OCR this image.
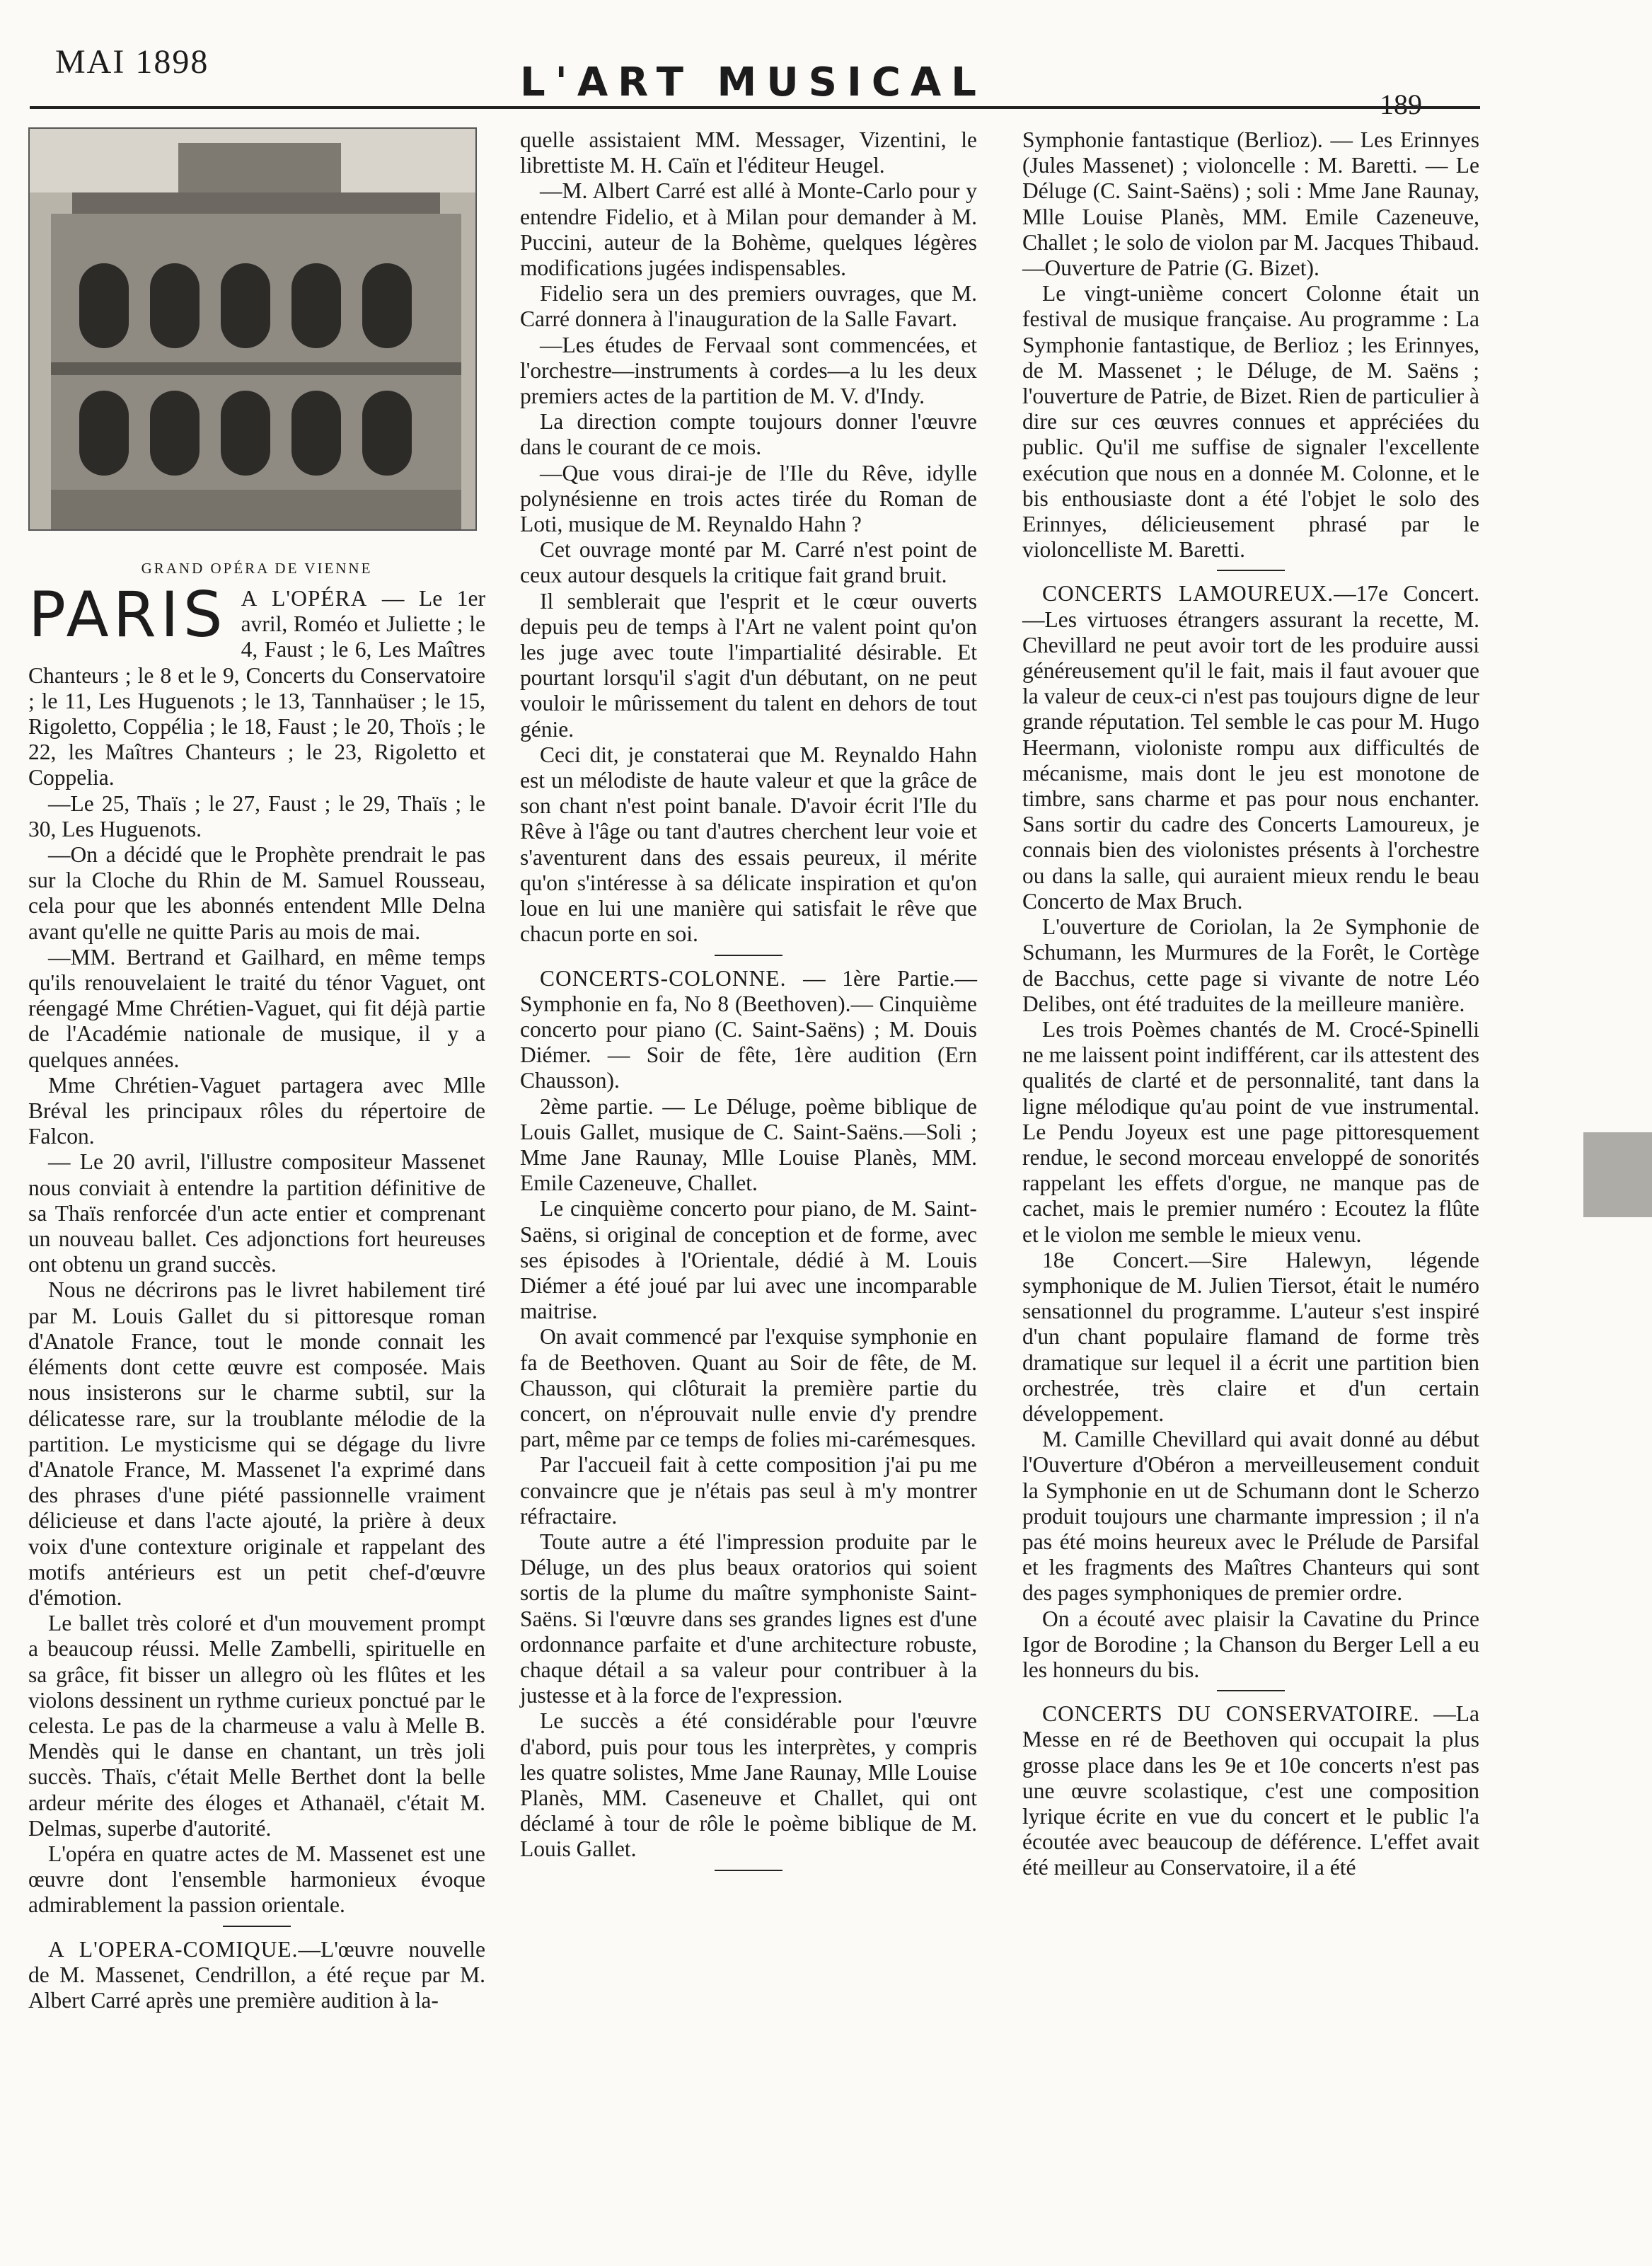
MAI 1898	L'ART MUSICAL	189
GRAND OPÉRA DE VIENNE
PARIS A L'OPÉRA — Le 1er avril, Roméo et Juliette ; le 4, Faust ; le 6, Les Maîtres Chanteurs ; le 8 et le 9, Concerts du Conservatoire ; le 11, Les Huguenots ; le 13, Tannhaüser ; le 15, Rigoletto, Coppélia ; le 18, Faust ; le 20, Thoïs ; le 22, les Maîtres Chanteurs ; le 23, Rigoletto et Coppelia.

—Le 25, Thaïs ; le 27, Faust ; le 29, Thaïs ; le 30, Les Huguenots.

—On a décidé que le Prophète prendrait le pas sur la Cloche du Rhin de M. Samuel Rousseau, cela pour que les abonnés entendent Mlle Delna avant qu'elle ne quitte Paris au mois de mai.

—MM. Bertrand et Gailhard, en même temps qu'ils renouvelaient le traité du ténor Vaguet, ont réengagé Mme Chrétien-Vaguet, qui fit déjà partie de l'Académie nationale de musique, il y a quelques années.

Mme Chrétien-Vaguet partagera avec Mlle Bréval les principaux rôles du répertoire de Falcon.

— Le 20 avril, l'illustre compositeur Massenet nous conviait à entendre la partition définitive de sa Thaïs renforcée d'un acte entier et comprenant un nouveau ballet. Ces adjonctions fort heureuses ont obtenu un grand succès.

Nous ne décrirons pas le livret habilement tiré par M. Louis Gallet du si pittoresque roman d'Anatole France, tout le monde connait les éléments dont cette œuvre est composée. Mais nous insisterons sur le charme subtil, sur la délicatesse rare, sur la troublante mélodie de la partition. Le mysticisme qui se dégage du livre d'Anatole France, M. Massenet l'a exprimé dans des phrases d'une piété passionnelle vraiment délicieuse et dans l'acte ajouté, la prière à deux voix d'une contexture originale et rappelant des motifs antérieurs est un petit chef-d'œuvre d'émotion.

Le ballet très coloré et d'un mouvement prompt a beaucoup réussi. Melle Zambelli, spirituelle en sa grâce, fit bisser un allegro où les flûtes et les violons dessinent un rythme curieux ponctué par le celesta. Le pas de la charmeuse a valu à Melle B. Mendès qui le danse en chantant, un très joli succès. Thaïs, c'était Melle Berthet dont la belle ardeur mérite des éloges et Athanaël, c'était M. Delmas, superbe d'autorité.

L'opéra en quatre actes de M. Massenet est une œuvre dont l'ensemble harmonieux évoque admirablement la passion orientale.

A L'OPERA-COMIQUE.—L'œuvre nouvelle de M. Massenet, Cendrillon, a été reçue par M. Albert Carré après une première audition à la-

quelle assistaient MM. Messager, Vizentini, le librettiste M. H. Caïn et l'éditeur Heugel.

—M. Albert Carré est allé à Monte-Carlo pour y entendre Fidelio, et à Milan pour demander à M. Puccini, auteur de la Bohème, quelques légères modifications jugées indispensables.

Fidelio sera un des premiers ouvrages, que M. Carré donnera à l'inauguration de la Salle Favart.

—Les études de Fervaal sont commencées, et l'orchestre—instruments à cordes—a lu les deux premiers actes de la partition de M. V. d'Indy.

La direction compte toujours donner l'œuvre dans le courant de ce mois.

—Que vous dirai-je de l'Ile du Rêve, idylle polynésienne en trois actes tirée du Roman de Loti, musique de M. Reynaldo Hahn ?

Cet ouvrage monté par M. Carré n'est point de ceux autour desquels la critique fait grand bruit.

Il semblerait que l'esprit et le cœur ouverts depuis peu de temps à l'Art ne valent point qu'on les juge avec toute l'impartialité désirable. Et pourtant lorsqu'il s'agit d'un débutant, on ne peut vouloir le mûrissement du talent en dehors de tout génie.

Ceci dit, je constaterai que M. Reynaldo Hahn est un mélodiste de haute valeur et que la grâce de son chant n'est point banale. D'avoir écrit l'Ile du Rêve à l'âge ou tant d'autres cherchent leur voie et s'aventurent dans des essais peureux, il mérite qu'on s'intéresse à sa délicate inspiration et qu'on loue en lui une manière qui satisfait le rêve que chacun porte en soi.

CONCERTS-COLONNE. — 1ère Partie.— Symphonie en fa, No 8 (Beethoven).— Cinquième concerto pour piano (C. Saint-Saëns) ; M. Douis Diémer. — Soir de fête, 1ère audition (Ern Chausson).

2ème partie. — Le Déluge, poème biblique de Louis Gallet, musique de C. Saint-Saëns.—Soli ; Mme Jane Raunay, Mlle Louise Planès, MM. Emile Cazeneuve, Challet.

Le cinquième concerto pour piano, de M. Saint-Saëns, si original de conception et de forme, avec ses épisodes à l'Orientale, dédié à M. Louis Diémer a été joué par lui avec une incomparable maitrise.

On avait commencé par l'exquise symphonie en fa de Beethoven. Quant au Soir de fête, de M. Chausson, qui clôturait la première partie du concert, on n'éprouvait nulle envie d'y prendre part, même par ce temps de folies mi-carémesques.

Par l'accueil fait à cette composition j'ai pu me convaincre que je n'étais pas seul à m'y montrer réfractaire.

Toute autre a été l'impression produite par le Déluge, un des plus beaux oratorios qui soient sortis de la plume du maître symphoniste Saint-Saëns. Si l'œuvre dans ses grandes lignes est d'une ordonnance parfaite et d'une architecture robuste, chaque détail a sa valeur pour contribuer à la justesse et à la force de l'expression.

Le succès a été considérable pour l'œuvre d'abord, puis pour tous les interprètes, y compris les quatre solistes, Mme Jane Raunay, Mlle Louise Planès, MM. Caseneuve et Challet, qui ont déclamé à tour de rôle le poème biblique de M. Louis Gallet.

Symphonie fantastique (Berlioz). — Les Erinnyes (Jules Massenet) ; violoncelle : M. Baretti. — Le Déluge (C. Saint-Saëns) ; soli : Mme Jane Raunay, Mlle Louise Planès, MM. Emile Cazeneuve, Challet ; le solo de violon par M. Jacques Thibaud.—Ouverture de Patrie (G. Bizet).

Le vingt-unième concert Colonne était un festival de musique française. Au programme : La Symphonie fantastique, de Berlioz ; les Erinnyes, de M. Massenet ; le Déluge, de M. Saëns ; l'ouverture de Patrie, de Bizet. Rien de particulier à dire sur ces œuvres connues et appréciées du public. Qu'il me suffise de signaler l'excellente exécution que nous en a donnée M. Colonne, et le bis enthousiaste dont a été l'objet le solo des Erinnyes, délicieusement phrasé par le violoncelliste M. Baretti.

CONCERTS LAMOUREUX.—17e Concert. —Les virtuoses étrangers assurant la recette, M. Chevillard ne peut avoir tort de les produire aussi généreusement qu'il le fait, mais il faut avouer que la valeur de ceux-ci n'est pas toujours digne de leur grande réputation. Tel semble le cas pour M. Hugo Heermann, violoniste rompu aux difficultés de mécanisme, mais dont le jeu est monotone de timbre, sans charme et pas pour nous enchanter. Sans sortir du cadre des Concerts Lamoureux, je connais bien des violonistes présents à l'orchestre ou dans la salle, qui auraient mieux rendu le beau Concerto de Max Bruch.

L'ouverture de Coriolan, la 2e Symphonie de Schumann, les Murmures de la Forêt, le Cortège de Bacchus, cette page si vivante de notre Léo Delibes, ont été traduites de la meilleure manière.

Les trois Poèmes chantés de M. Crocé-Spinelli ne me laissent point indifférent, car ils attestent des qualités de clarté et de personnalité, tant dans la ligne mélodique qu'au point de vue instrumental. Le Pendu Joyeux est une page pittoresquement rendue, le second morceau enveloppé de sonorités rappelant les effets d'orgue, ne manque pas de cachet, mais le premier numéro : Ecoutez la flûte et le violon me semble le mieux venu.

18e Concert.—Sire Halewyn, légende symphonique de M. Julien Tiersot, était le numéro sensationnel du programme. L'auteur s'est inspiré d'un chant populaire flamand de forme très dramatique sur lequel il a écrit une partition bien orchestrée, très claire et d'un certain développement.

M. Camille Chevillard qui avait donné au début l'Ouverture d'Obéron a merveilleusement conduit la Symphonie en ut de Schumann dont le Scherzo produit toujours une charmante impression ; il n'a pas été moins heureux avec le Prélude de Parsifal et les fragments des Maîtres Chanteurs qui sont des pages symphoniques de premier ordre.

On a écouté avec plaisir la Cavatine du Prince Igor de Borodine ; la Chanson du Berger Lell a eu les honneurs du bis.

CONCERTS DU CONSERVATOIRE. —La Messe en ré de Beethoven qui occupait la plus grosse place dans les 9e et 10e concerts n'est pas une œuvre scolastique, c'est une composition lyrique écrite en vue du concert et le public l'a écoutée avec beaucoup de déférence. L'effet avait été meilleur au Conservatoire, il a été
